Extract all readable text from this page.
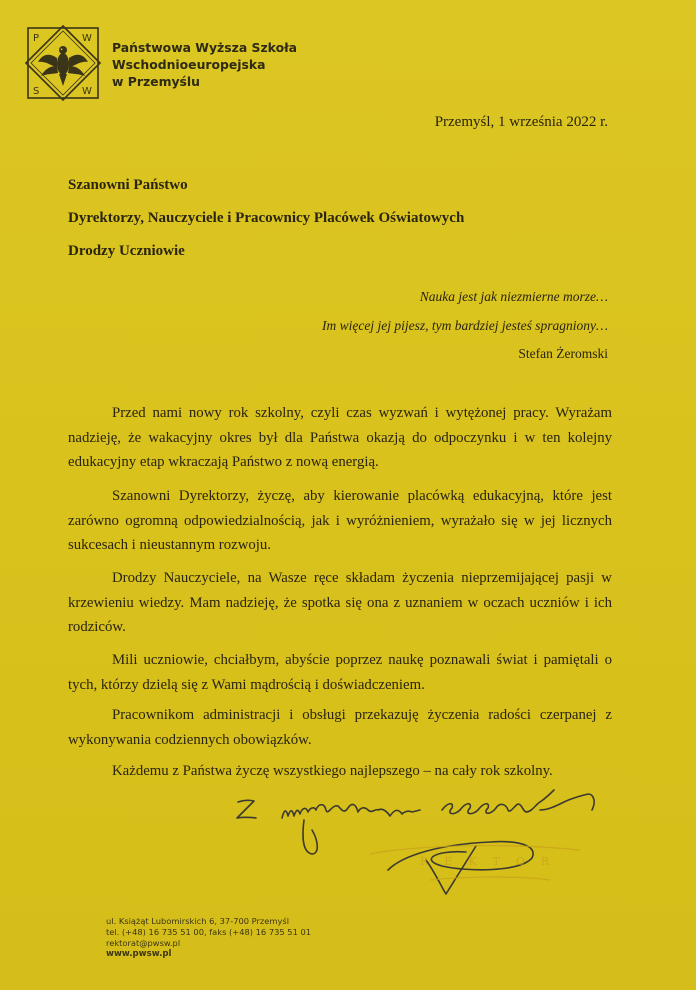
P	W
S	W
Państwowa Wyższa Szkoła
Wschodnioeuropejska
w Przemyślu
Przemyśl, 1 września 2022 r.
Szanowni Państwo
Dyrektorzy, Nauczyciele i Pracownicy Placówek Oświatowych
Drodzy Uczniowie
Nauka jest jak niezmierne morze…
Im więcej jej pijesz, tym bardziej jesteś spragniony…
Stefan Żeromski

Przed nami nowy rok szkolny, czyli czas wyzwań i wytężonej pracy. Wyrażam nadzieję, że wakacyjny okres był dla Państwa okazją do odpoczynku i w ten kolejny edukacyjny etap wkraczają Państwo z nową energią.

Szanowni Dyrektorzy, życzę, aby kierowanie placówką edukacyjną, które jest zarówno ogromną odpowiedzialnością, jak i wyróżnieniem, wyrażało się w jej licznych sukcesach i nieustannym rozwoju.

Drodzy Nauczyciele, na Wasze ręce składam życzenia nieprzemijającej pasji w krzewieniu wiedzy. Mam nadzieję, że spotka się ona z uznaniem w oczach uczniów i ich rodziców.

Mili uczniowie, chciałbym, abyście poprzez naukę poznawali świat i pamiętali o tych, którzy dzielą się z Wami mądrością i doświadczeniem.

Pracownikom administracji i obsługi przekazuję życzenia radości czerpanej z wykonywania codziennych obowiązków.

Każdemu z Państwa życzę wszystkiego najlepszego – na cały rok szkolny.

REKTOR
ul. Książąt Lubomirskich 6, 37-700 Przemyśl
tel. (+48) 16 735 51 00, faks (+48) 16 735 51 01
rektorat@pwsw.pl
www.pwsw.pl
